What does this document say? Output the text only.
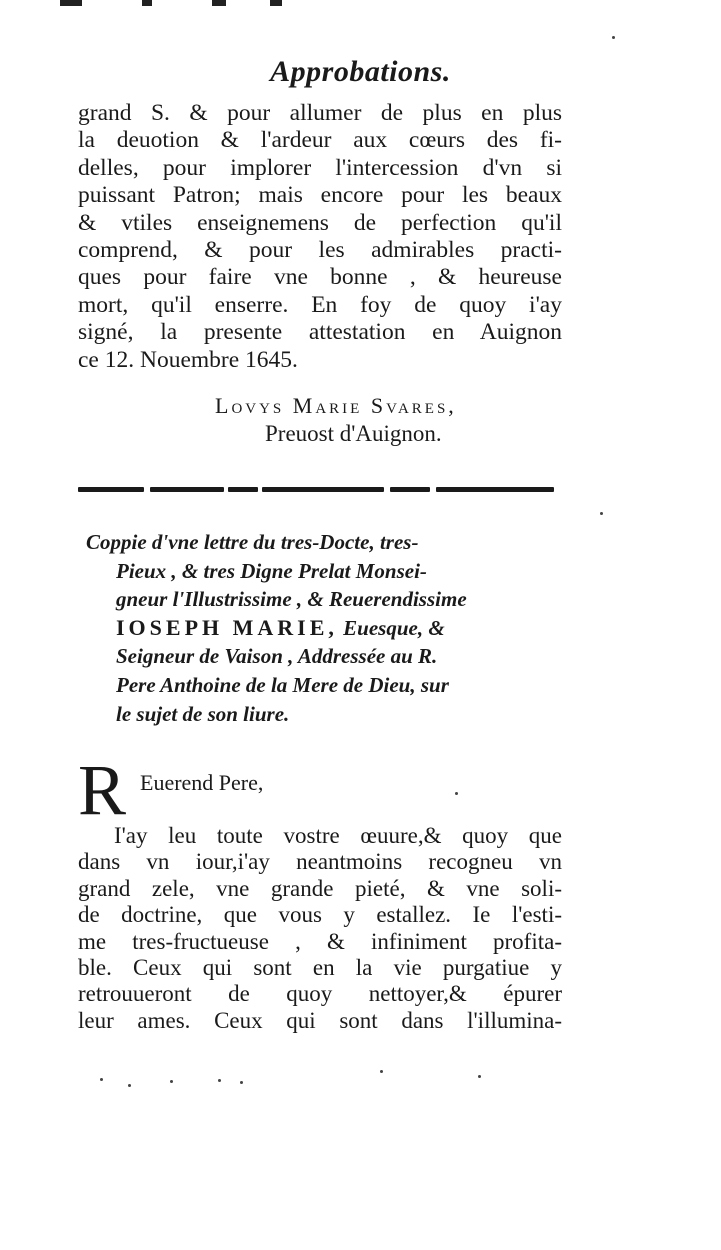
Approbations.
grand S. & pour allumer de plus en plus
la deuotion & l'ardeur aux cœurs des fi-
delles, pour implorer l'intercession d'vn si
puissant Patron; mais encore pour les beaux
& vtiles enseignemens de perfection qu'il
comprend, & pour les admirables practi-
ques pour faire vne bonne , & heureuse
mort, qu'il enserre. En foy de quoy i'ay
signé, la presente attestation en Auignon
ce 12. Nouembre 1645.
Lovys Marie Svares,
Preuost d'Auignon.
Coppie d'vne lettre du tres-Docte, tres-
Pieux , & tres Digne Prelat Monsei-
gneur l'Illustrissime , & Reuerendissime
IOSEPH MARIE, Euesque, &
Seigneur de Vaison , Addressée au R.
Pere Anthoine de la Mere de Dieu, sur
le sujet de son liure.
R Euerend Pere,
I'ay leu toute vostre œuure,& quoy que
dans vn iour,i'ay neantmoins recogneu vn
grand zele, vne grande pieté, & vne soli-
de doctrine, que vous y estallez. Ie l'esti-
me tres-fructueuse , & infiniment profita-
ble. Ceux qui sont en la vie purgatiue y
retrouueront de quoy nettoyer,& épurer
leur ames. Ceux qui sont dans l'illumina-
